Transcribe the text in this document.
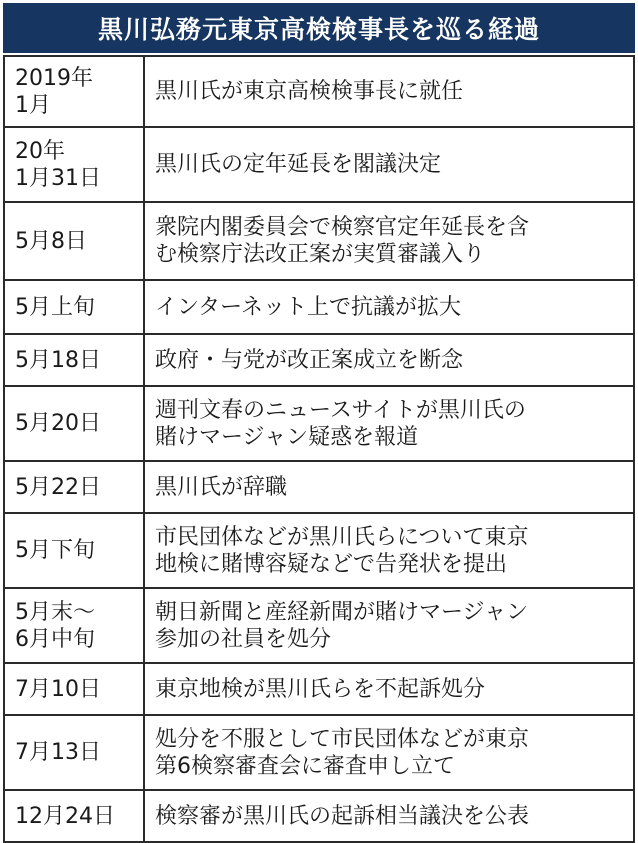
黒川弘務元東京高検検事長を巡る経過
2019年
1月	黒川氏が東京高検検事長に就任
20年
1月31日	黒川氏の定年延長を閣議決定
5月8日	衆院内閣委員会で検察官定年延長を含
む検察庁法改正案が実質審議入り
5月上旬	インターネット上で抗議が拡大
5月18日	政府・与党が改正案成立を断念
5月20日	週刊文春のニュースサイトが黒川氏の
賭けマージャン疑惑を報道
5月22日	黒川氏が辞職
5月下旬	市民団体などが黒川氏らについて東京
地検に賭博容疑などで告発状を提出
5月末〜
6月中旬	朝日新聞と産経新聞が賭けマージャン
参加の社員を処分
7月10日	東京地検が黒川氏らを不起訴処分
7月13日	処分を不服として市民団体などが東京
第6検察審査会に審査申し立て
12月24日	検察審が黒川氏の起訴相当議決を公表
